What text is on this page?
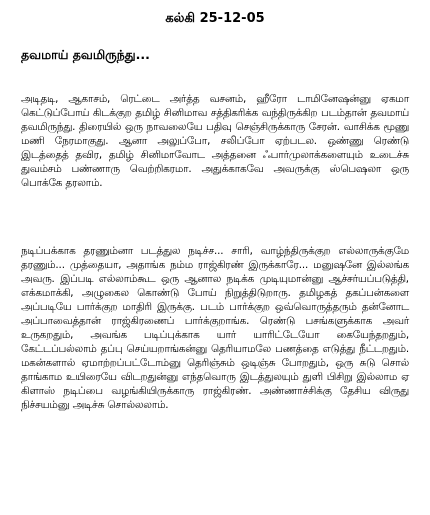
கல்கி 25-12-05
தவமாய் தவமிருந்து...

அடிதடி, ஆகாசம், ரெட்டை அர்த்த வசனம், ஹீரோ டாமினேஷன்னு ஏகமா கெட்டுப்போய் கிடக்குற தமிழ் சினிமாவ சத்திகரிக்க வந்திருக்கிற படம்தான் தவமாய் தவமிருந்து. திரையில் ஒரு நாவலையே பதிவு செஞ்சிருக்காரு சேரன். வாசிக்க மூணு மணி நேரமாகுது. ஆனா அலுப்போ, சலிப்போ ஏற்படல. ஒண்ணு ரெண்டு இடத்தைத் தவிர, தமிழ் சினிமாவோட அத்தனை ஃபார்முலாக்களையும் உடைச்சு துவம்சம் பண்ணாரு வெற்றிகரமா. அதுக்காகவே அவருக்கு ஸ்பெஷலா ஒரு பொக்கே தரலாம்.

நடிப்பக்காக தரணும்னா படத்துல நடிச்ச... சாரி, வாழ்ந்திருக்குற எல்லாருக்குமே தரணும்... முத்தையா, அதாங்க நம்ம ராஜ்கிரண் இருக்காரே... மனுஷனே இல்லங்க அவரு. இப்படி எல்லாம்கூட ஒரு ஆனால நடிக்க முடியுமான்னு ஆச்சர்யப்படுத்தி, எக்கமாக்கி, அழுகைல கொண்டு போய் நிறுத்திடுறாரு. தமிழகத் தகப்பன்களை அப்படியே பார்க்குற மாதிரி இருக்கு. படம் பார்க்குற ஒவ்வொருத்தரும் தன்னோட அப்பாவைத்தான் ராஜ்கிரணைப் பார்க்குறாங்க. ரெண்டு பசங்களுக்காக அவர் உருகறதும், அவங்க படிப்புக்காக யார் யாரிட்டேயோ கையேந்தறதும், கேட்டப்பல்லாம் தப்பு செய்யறாங்கன்னு தெரியாமலே பணத்தை எடுத்து நீட்டறதும். மகன்களால் ஏமாற்றப்பட்டோம்னு தெரிஞ்சும் ஒடிஞ்சு போறதும், ஒரு சுடு சொல் தாங்காம உயிரையே விடறதுன்னு எந்தவொரு இடத்துலயும் துளி பிசிறு இல்லாம ஏ கிளாஸ் நடிப்பை வழங்கியிருக்காரு ராஜ்கிரண். அண்ணாச்சிக்கு தேசிய விருது நிச்சயம்னு அடிச்சு சொல்லலாம்.
